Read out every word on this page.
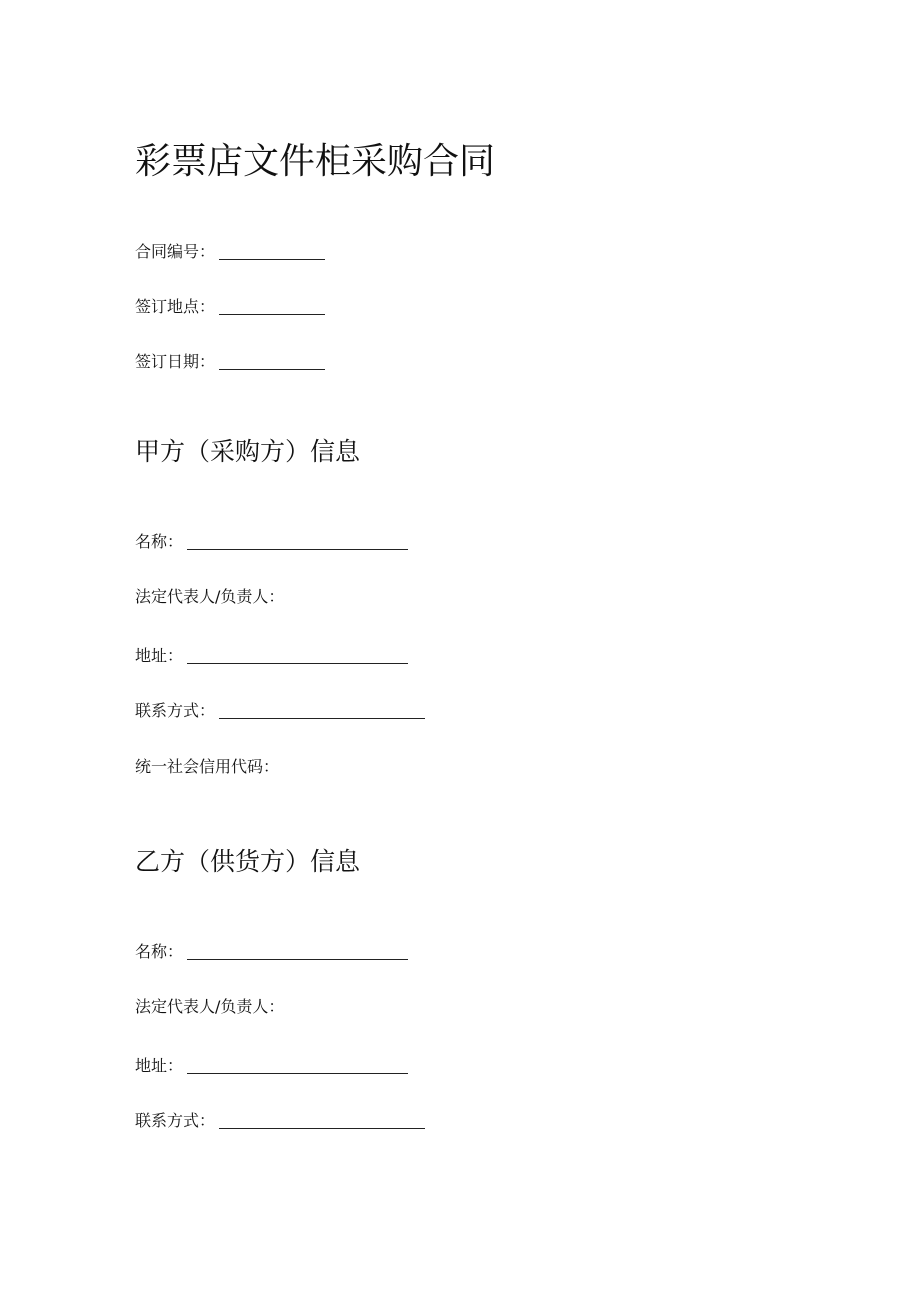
彩票店文件柜采购合同
合同编号：
签订地点：
签订日期：
甲方（采购方）信息
名称：
法定代表人/负责人：
地址：
联系方式：
统一社会信用代码：
乙方（供货方）信息
名称：
法定代表人/负责人：
地址：
联系方式：
